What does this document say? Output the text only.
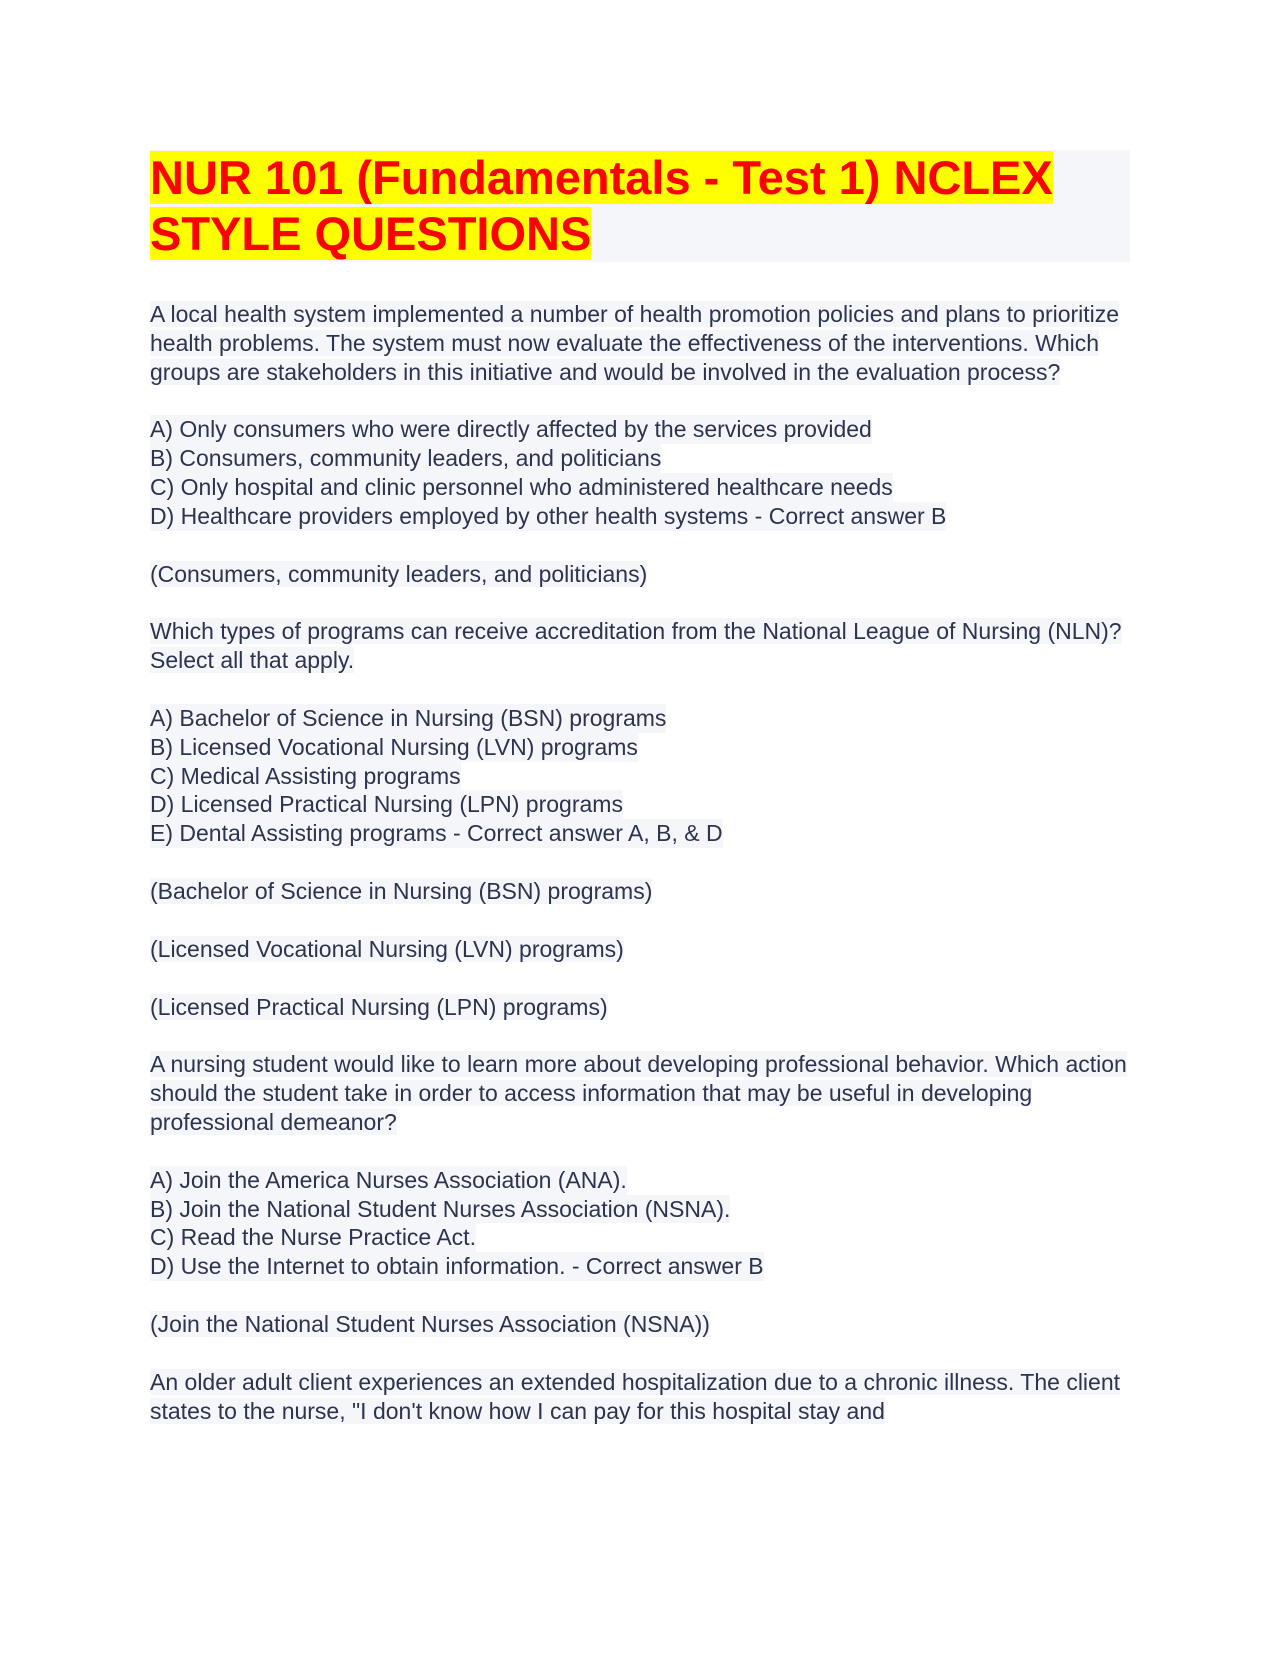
NUR 101 (Fundamentals - Test 1) NCLEX STYLE QUESTIONS

A local health system implemented a number of health promotion policies and plans to prioritize health problems. The system must now evaluate the effectiveness of the interventions. Which groups are stakeholders in this initiative and would be involved in the evaluation process?

A) Only consumers who were directly affected by the services provided
B) Consumers, community leaders, and politicians
C) Only hospital and clinic personnel who administered healthcare needs
D) Healthcare providers employed by other health systems - Correct answer B

(Consumers, community leaders, and politicians)

Which types of programs can receive accreditation from the National League of Nursing (NLN)? Select all that apply.

A) Bachelor of Science in Nursing (BSN) programs
B) Licensed Vocational Nursing (LVN) programs
C) Medical Assisting programs
D) Licensed Practical Nursing (LPN) programs
E) Dental Assisting programs - Correct answer A, B, & D

(Bachelor of Science in Nursing (BSN) programs)

(Licensed Vocational Nursing (LVN) programs)

(Licensed Practical Nursing (LPN) programs)

A nursing student would like to learn more about developing professional behavior. Which action should the student take in order to access information that may be useful in developing professional demeanor?

A) Join the America Nurses Association (ANA).
B) Join the National Student Nurses Association (NSNA).
C) Read the Nurse Practice Act.
D) Use the Internet to obtain information. - Correct answer B

(Join the National Student Nurses Association (NSNA))

An older adult client experiences an extended hospitalization due to a chronic illness. The client states to the nurse, "I don't know how I can pay for this hospital stay and
